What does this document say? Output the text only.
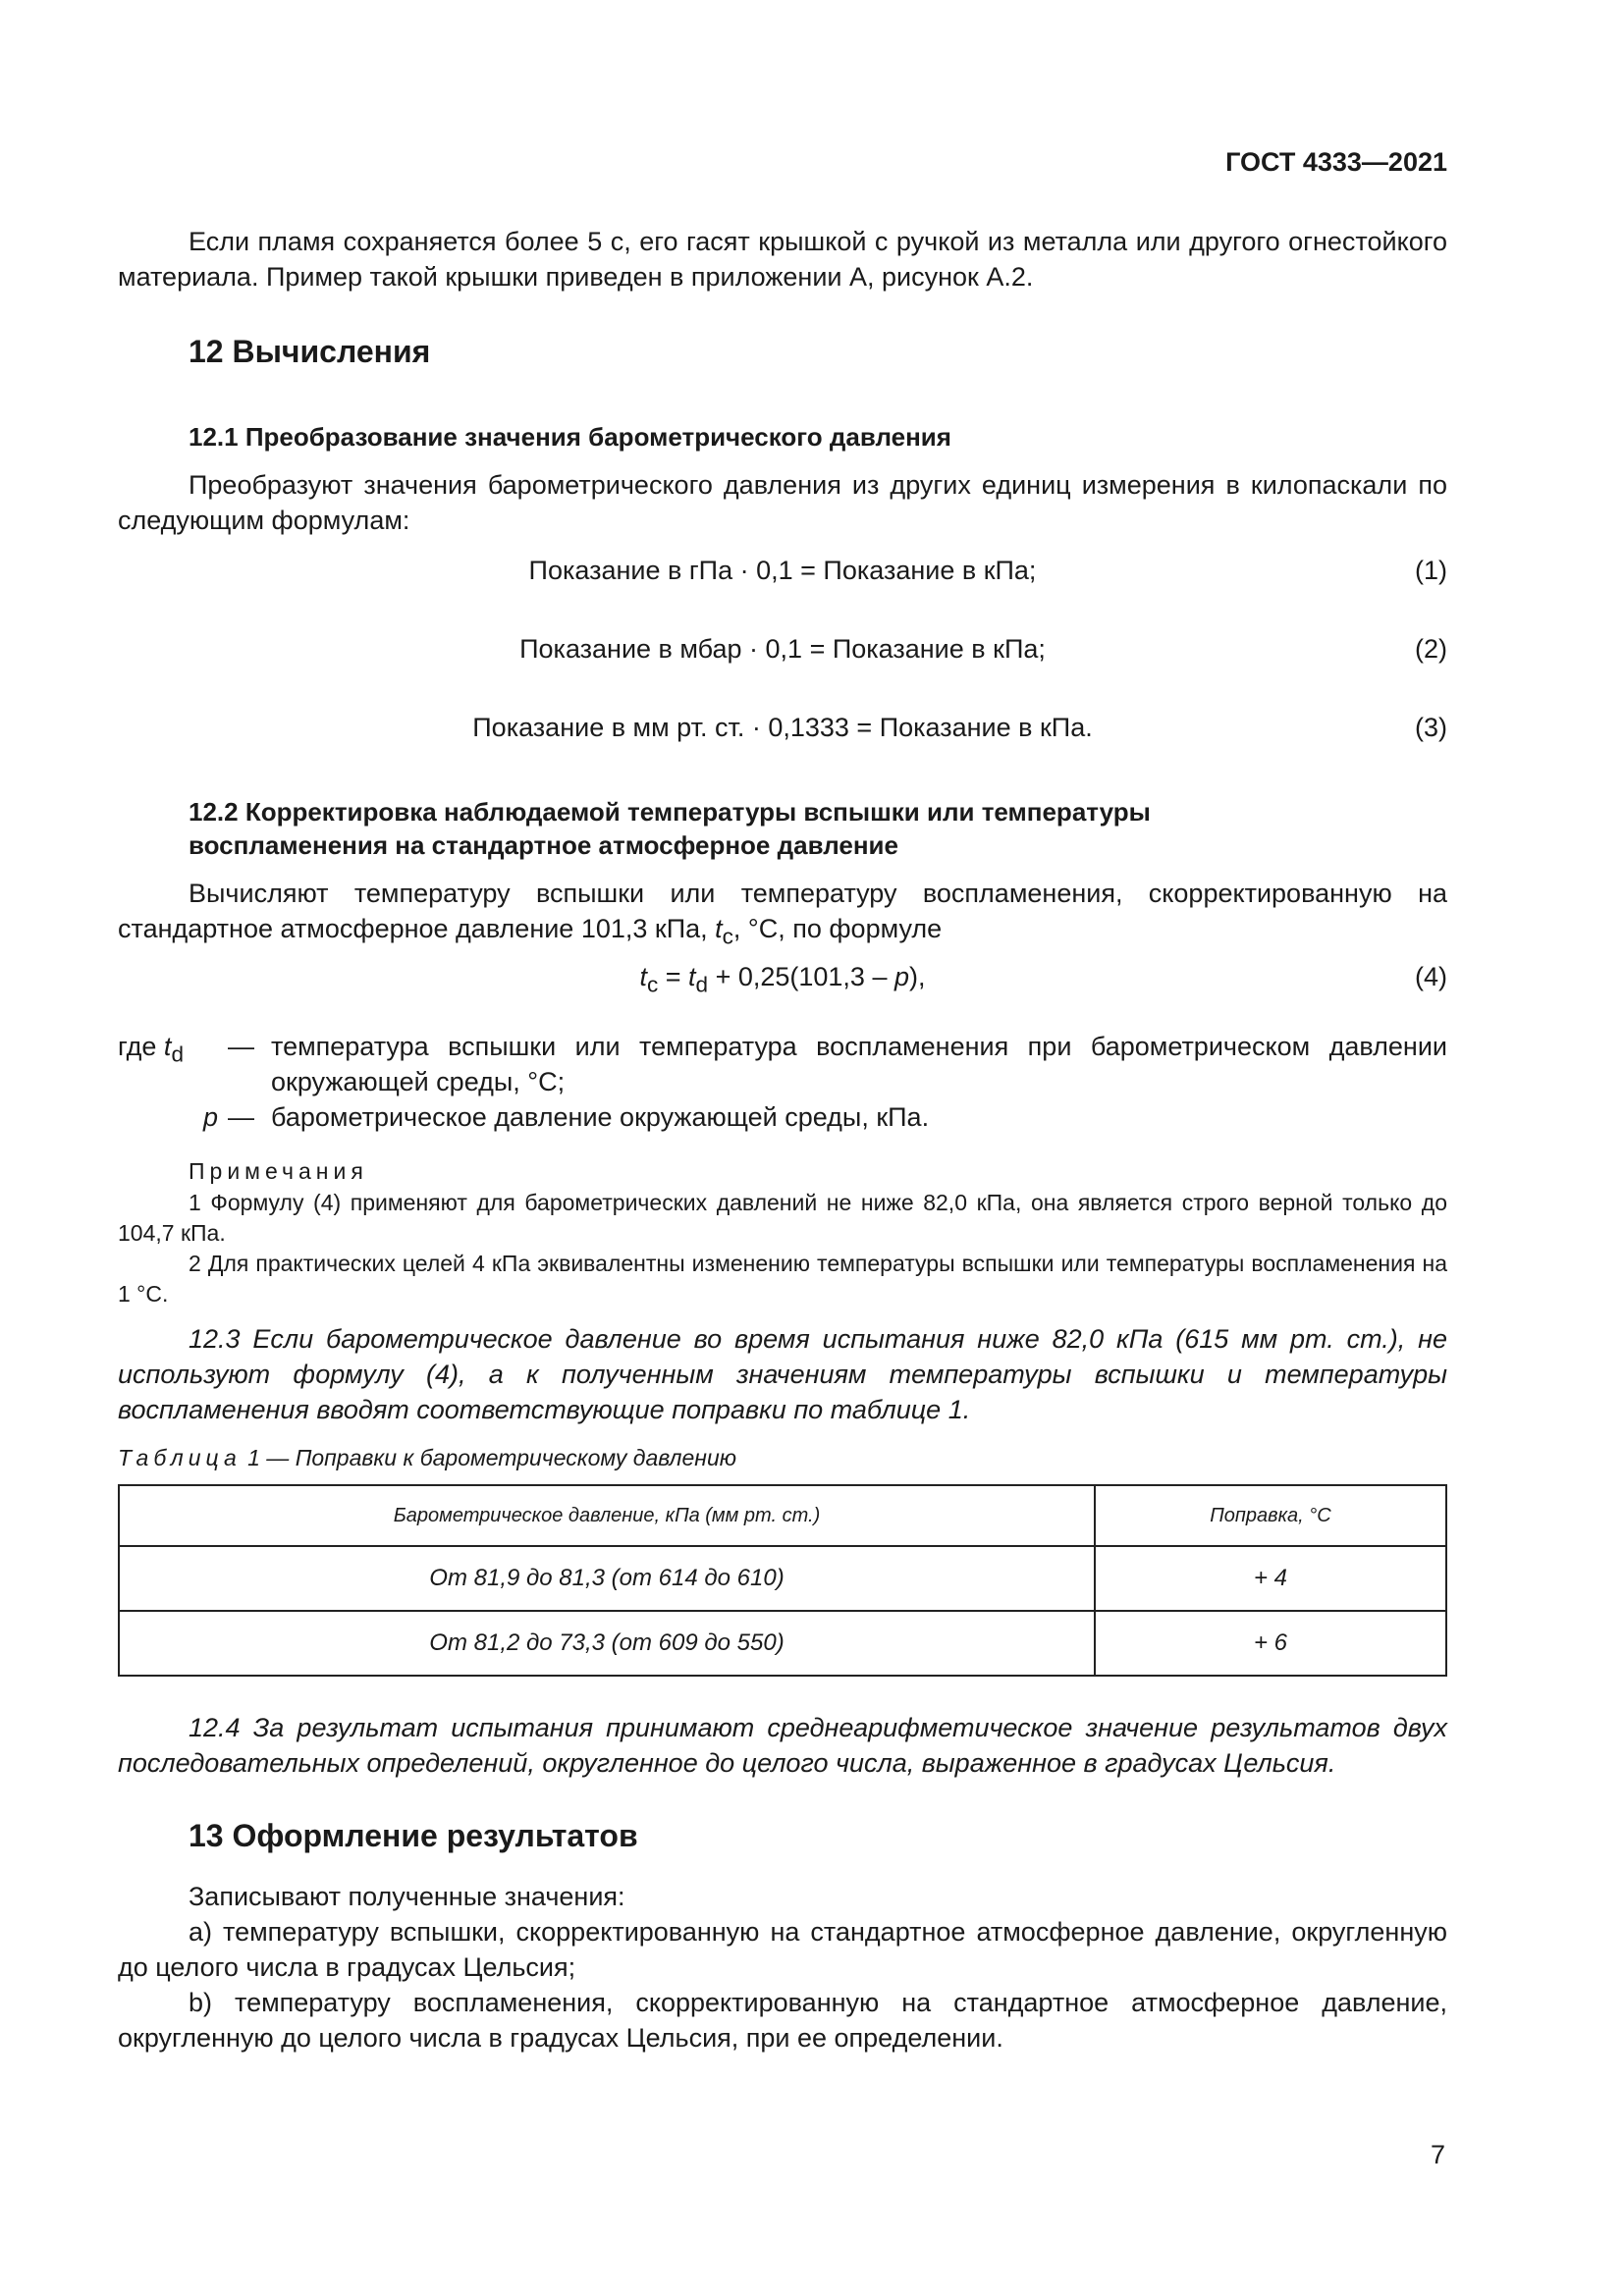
ГОСТ 4333—2021
Если пламя сохраняется более 5 с, его гасят крышкой с ручкой из металла или другого огнестойкого материала. Пример такой крышки приведен в приложении А, рисунок А.2.
12 Вычисления
12.1 Преобразование значения барометрического давления
Преобразуют значения барометрического давления из других единиц измерения в килопаскали по следующим формулам:
Показание в гПа · 0,1 = Показание в кПа;	(1)
Показание в мбар · 0,1 = Показание в кПа;	(2)
Показание в мм рт. ст. · 0,1333 = Показание в кПа.	(3)
12.2 Корректировка наблюдаемой температуры вспышки или температуры
воспламенения на стандартное атмосферное давление
Вычисляют температуру вспышки или температуру воспламенения, скорректированную на стандартное атмосферное давление 101,3 кПа, $t_c$, °С, по формуле
$t_c = t_d + 0,25(101,3 - p)$,	(4)
где $t_d$	— температура вспышки или температура воспламенения при барометрическом давлении окружающей среды, °С;
p — барометрическое давление окружающей среды, кПа.
Примечания
1 Формулу (4) применяют для барометрических давлений не ниже 82,0 кПа, она является строго верной только до 104,7 кПа.
2 Для практических целей 4 кПа эквивалентны изменению температуры вспышки или температуры воспламенения на 1 °С.
12.3 Если барометрическое давление во время испытания ниже 82,0 кПа (615 мм рт. ст.), не используют формулу (4), а к полученным значениям температуры вспышки и температуры воспламенения вводят соответствующие поправки по таблице 1.
Таблица 1 — Поправки к барометрическому давлению
Барометрическое давление, кПа (мм рт. ст.)	Поправка, °С
От 81,9 до 81,3 (от 614 до 610)	+ 4
От 81,2 до 73,3 (от 609 до 550)	+ 6
12.4 За результат испытания принимают среднеарифметическое значение результатов двух последовательных определений, округленное до целого числа, выраженное в градусах Цельсия.
13 Оформление результатов
Записывают полученные значения:
a) температуру вспышки, скорректированную на стандартное атмосферное давление, округленную до целого числа в градусах Цельсия;
b) температуру воспламенения, скорректированную на стандартное атмосферное давление, округленную до целого числа в градусах Цельсия, при ее определении.
7
